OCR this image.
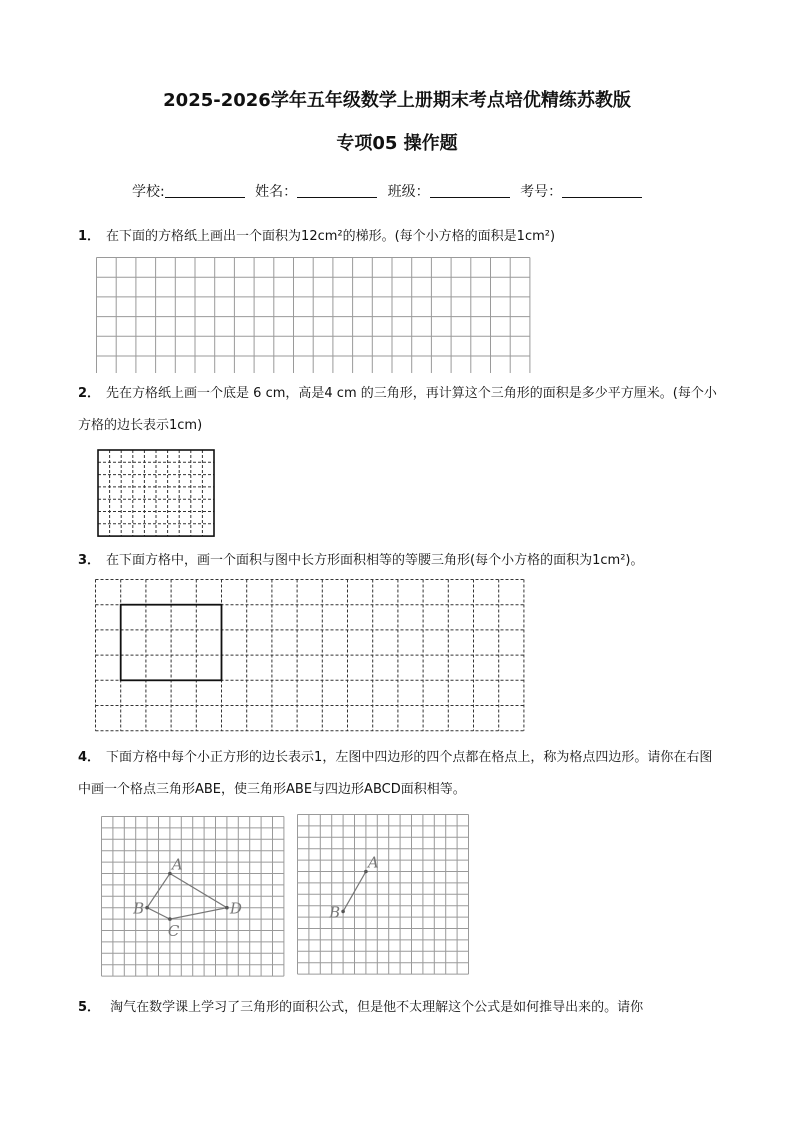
2025-2026学年五年级数学上册期末考点培优精练苏教版
专项05 操作题
学校:	姓名：	班级：	考号：
1． 在下面的方格纸上画出一个面积为12cm²的梯形。(每个小方格的面积是1cm²)
2． 先在方格纸上画一个底是 6 cm，高是4 cm 的三角形，再计算这个三角形的面积是多少平方厘米。(每个小方格的边长表示1cm)
3． 在下面方格中，画一个面积与图中长方形面积相等的等腰三角形(每个小方格的面积为1cm²)。
4． 下面方格中每个小正方形的边长表示1，左图中四边形的四个点都在格点上，称为格点四边形。请你在右图中画一个格点三角形ABE，使三角形ABE与四边形ABCD面积相等。
A
B
C
D
A
B
5． 淘气在数学课上学习了三角形的面积公式，但是他不太理解这个公式是如何推导出来的。请你
